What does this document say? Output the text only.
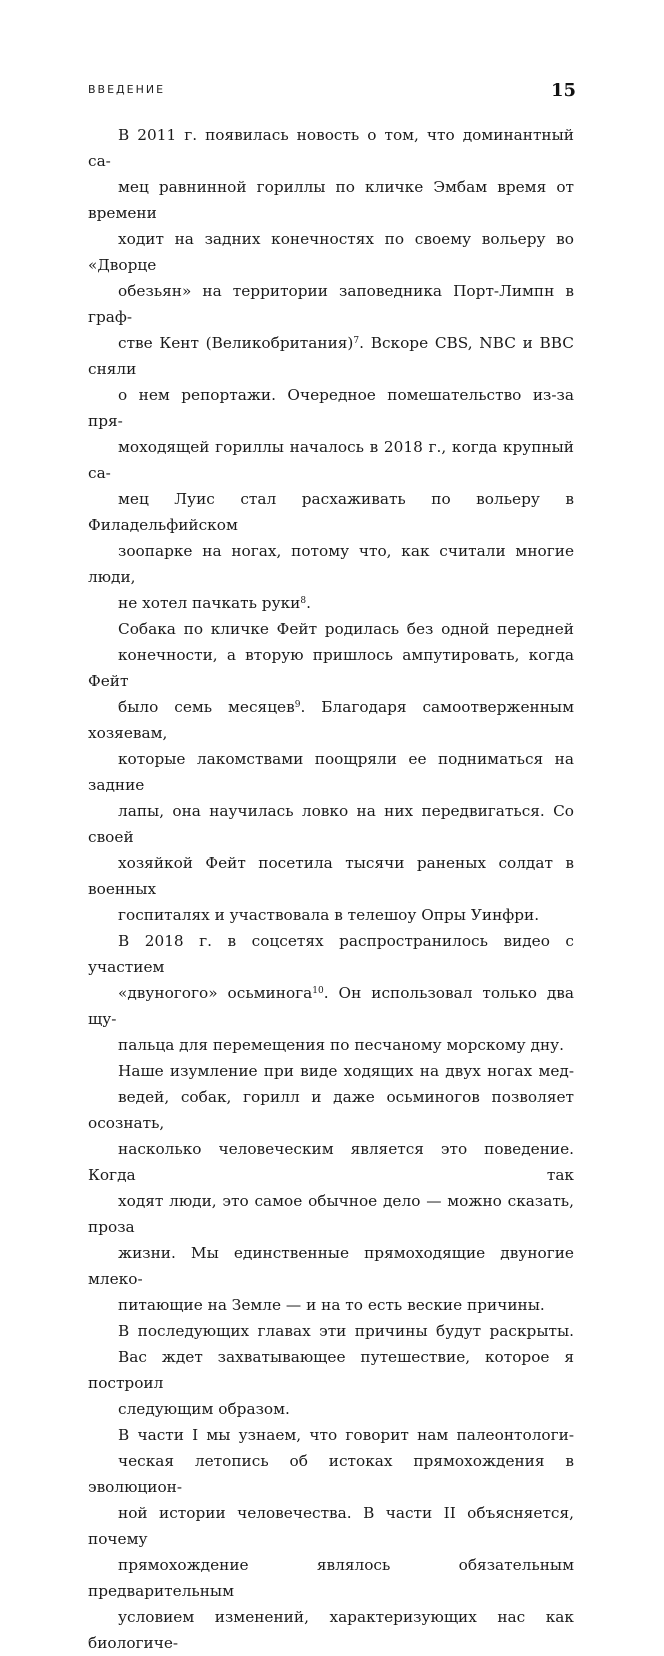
ВВЕДЕНИЕ	15
В 2011 г. появилась новость о том, что доминантный са-
мец равнинной гориллы по кличке Эмбам время от времени
ходит на задних конечностях по своему вольеру во «Дворце
обезьян» на территории заповедника Порт-Лимпн в граф-
стве Кент (Великобритания)$^7$. Вскоре CBS, NBC и BBC сняли
о нем репортажи. Очередное помешательство из-за пря-
моходящей гориллы началось в 2018 г., когда крупный са-
мец Луис стал расхаживать по вольеру в Филадельфийском
зоопарке на ногах, потому что, как считали многие люди,
не хотел пачкать руки$^8$.
Собака по кличке Фейт родилась без одной передней
конечности, а вторую пришлось ампутировать, когда Фейт
было семь месяцев$^9$. Благодаря самоотверженным хозяевам,
которые лакомствами поощряли ее подниматься на задние
лапы, она научилась ловко на них передвигаться. Со своей
хозяйкой Фейт посетила тысячи раненых солдат в военных
госпиталях и участвовала в телешоу Опры Уинфри.
В 2018 г. в соцсетях распространилось видео с участием
«двуногого» осьминога$^{10}$. Он использовал только два щу-
пальца для перемещения по песчаному морскому дну.
Наше изумление при виде ходящих на двух ногах мед-
ведей, собак, горилл и даже осьминогов позволяет осознать,
насколько человеческим является это поведение. Когда так
ходят люди, это самое обычное дело — можно сказать, проза
жизни. Мы единственные прямоходящие двуногие млеко-
питающие на Земле — и на то есть веские причины.
В последующих главах эти причины будут раскрыты.
Вас ждет захватывающее путешествие, которое я построил
следующим образом.
В части I мы узнаем, что говорит нам палеонтологи-
ческая летопись об истоках прямохождения в эволюцион-
ной истории человечества. В части II объясняется, почему
прямохождение являлось обязательным предварительным
условием изменений, характеризующих нас как биологиче-
